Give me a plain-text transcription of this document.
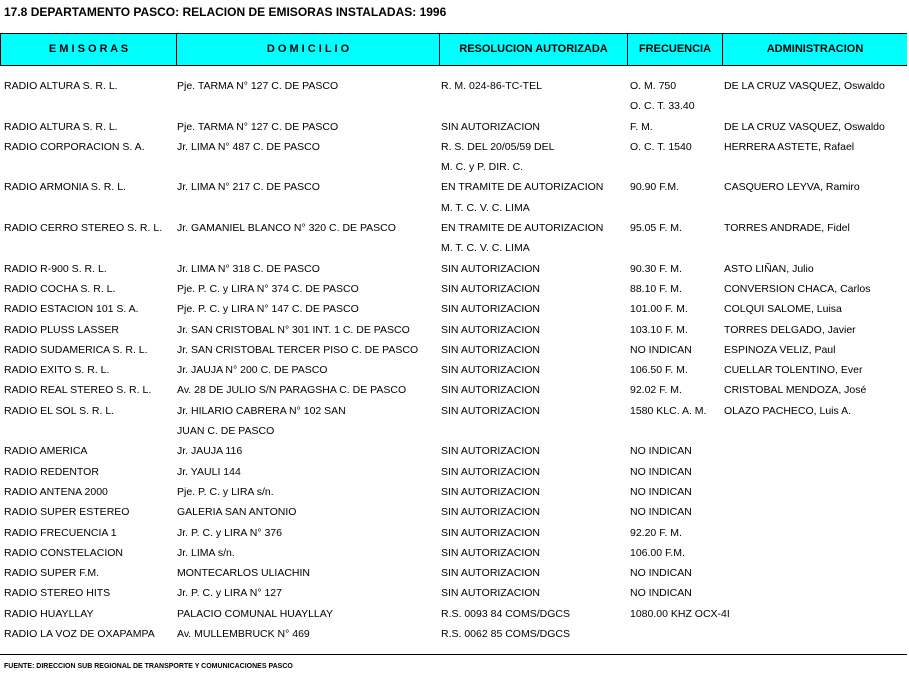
17.8 DEPARTAMENTO PASCO: RELACION DE EMISORAS INSTALADAS: 1996
E M I S O R A S	D O M I C I L I O	RESOLUCION AUTORIZADA	FRECUENCIA	ADMINISTRACION
RADIO ALTURA S. R. L.	Pje. TARMA N° 127 C. DE PASCO	R. M. 024-86-TC-TEL	O. M. 750	DE LA CRUZ VASQUEZ, Oswaldo
O. C. T. 33.40
RADIO ALTURA S. R. L.	Pje. TARMA N° 127 C. DE PASCO	SIN AUTORIZACION	F. M.	DE LA CRUZ VASQUEZ, Oswaldo
RADIO CORPORACION S. A.	Jr. LIMA N° 487 C. DE PASCO	R. S. DEL 20/05/59 DEL	O. C. T. 1540	HERRERA ASTETE, Rafael
M. C. y P. DIR. C.
RADIO ARMONIA S. R. L.	Jr. LIMA N° 217 C. DE PASCO	EN TRAMITE DE AUTORIZACION	90.90 F.M.	CASQUERO LEYVA, Ramiro
M. T. C. V. C. LIMA
RADIO CERRO STEREO S. R. L. Jr. GAMANIEL BLANCO N° 320 C. DE PASCO	EN TRAMITE DE AUTORIZACION	95.05 F. M.	TORRES ANDRADE, Fidel
M. T. C. V. C. LIMA
RADIO R-900 S. R. L.	Jr. LIMA N° 318 C. DE PASCO	SIN AUTORIZACION	90.30 F. M.	ASTO LIÑAN, Julio
RADIO COCHA S. R. L.	Pje. P. C. y LIRA N° 374 C. DE PASCO	SIN AUTORIZACION	88.10 F. M.	CONVERSION CHACA, Carlos
RADIO ESTACION 101 S. A.	Pje. P. C. y LIRA N° 147 C. DE PASCO	SIN AUTORIZACION	101.00 F. M.	COLQUI SALOME, Luisa
RADIO PLUSS LASSER	Jr. SAN CRISTOBAL N° 301 INT. 1 C. DE PASCO	SIN AUTORIZACION	103.10 F. M.	TORRES DELGADO, Javier
RADIO SUDAMERICA S. R. L.	Jr. SAN CRISTOBAL TERCER PISO C. DE PASCO SIN AUTORIZACION	NO INDICAN	ESPINOZA VELIZ, Paul
RADIO EXITO S. R. L.	Jr. JAUJA N° 200 C. DE PASCO	SIN AUTORIZACION	106.50 F. M.	CUELLAR TOLENTINO, Ever
RADIO REAL STEREO S. R. L. Av. 28 DE JULIO S/N PARAGSHA C. DE PASCO	SIN AUTORIZACION	92.02 F. M.	CRISTOBAL MENDOZA, José
RADIO EL SOL S. R. L.	Jr. HILARIO CABRERA N° 102 SAN	SIN AUTORIZACION	1580 KLC. A. M. OLAZO PACHECO, Luis A.
JUAN C. DE PASCO
RADIO AMERICA	Jr. JAUJA 116	SIN AUTORIZACION	NO INDICAN
RADIO REDENTOR	Jr. YAULI 144	SIN AUTORIZACION	NO INDICAN
RADIO ANTENA 2000	Pje. P. C. y LIRA s/n.	SIN AUTORIZACION	NO INDICAN
RADIO SUPER ESTEREO	GALERIA SAN ANTONIO	SIN AUTORIZACION	NO INDICAN
RADIO FRECUENCIA 1	Jr. P. C. y LIRA N° 376	SIN AUTORIZACION	92.20 F. M.
RADIO CONSTELACION	Jr. LIMA s/n.	SIN AUTORIZACION	106.00 F.M.
RADIO SUPER F.M.	MONTECARLOS ULIACHIN	SIN AUTORIZACION	NO INDICAN
RADIO STEREO HITS	Jr. P. C. y LIRA N° 127	SIN AUTORIZACION	NO INDICAN
RADIO HUAYLLAY	PALACIO COMUNAL HUAYLLAY	R.S. 0093 84 COMS/DGCS	1080.00 KHZ OCX-4I
RADIO LA VOZ DE OXAPAMPA Av. MULLEMBRUCK N° 469	R.S. 0062 85 COMS/DGCS
FUENTE: DIRECCION SUB REGIONAL DE TRANSPORTE Y COMUNICACIONES PASCO
